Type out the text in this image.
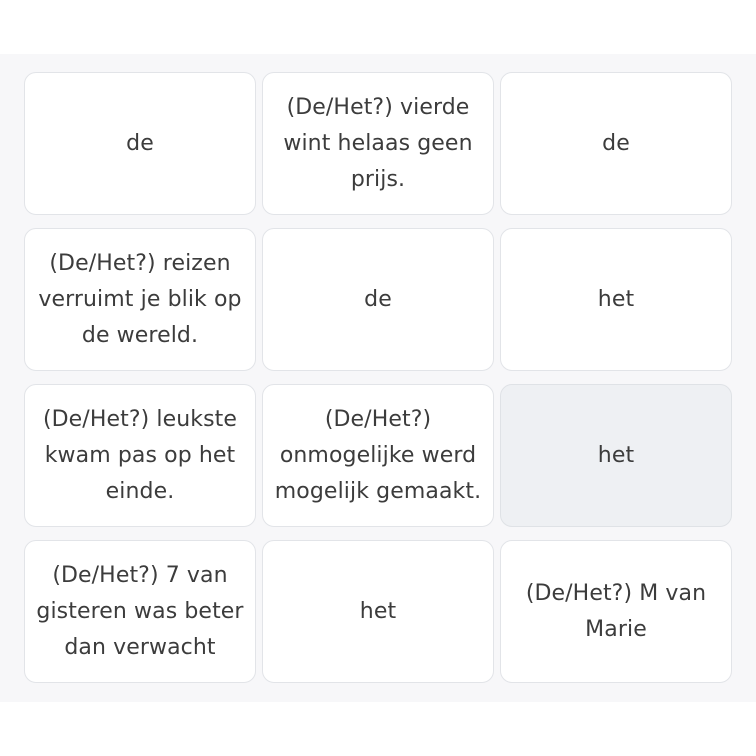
de
(De/Het?) vierde wint helaas geen prijs.
de
(De/Het?) reizen verruimt je blik op de wereld.
de	het
(De/Het?) leukste kwam pas op het einde.
(De/Het?) onmogelijke werd mogelijk gemaakt.
het
(De/Het?) 7 van gisteren was beter dan verwacht
het
(De/Het?) M van Marie
